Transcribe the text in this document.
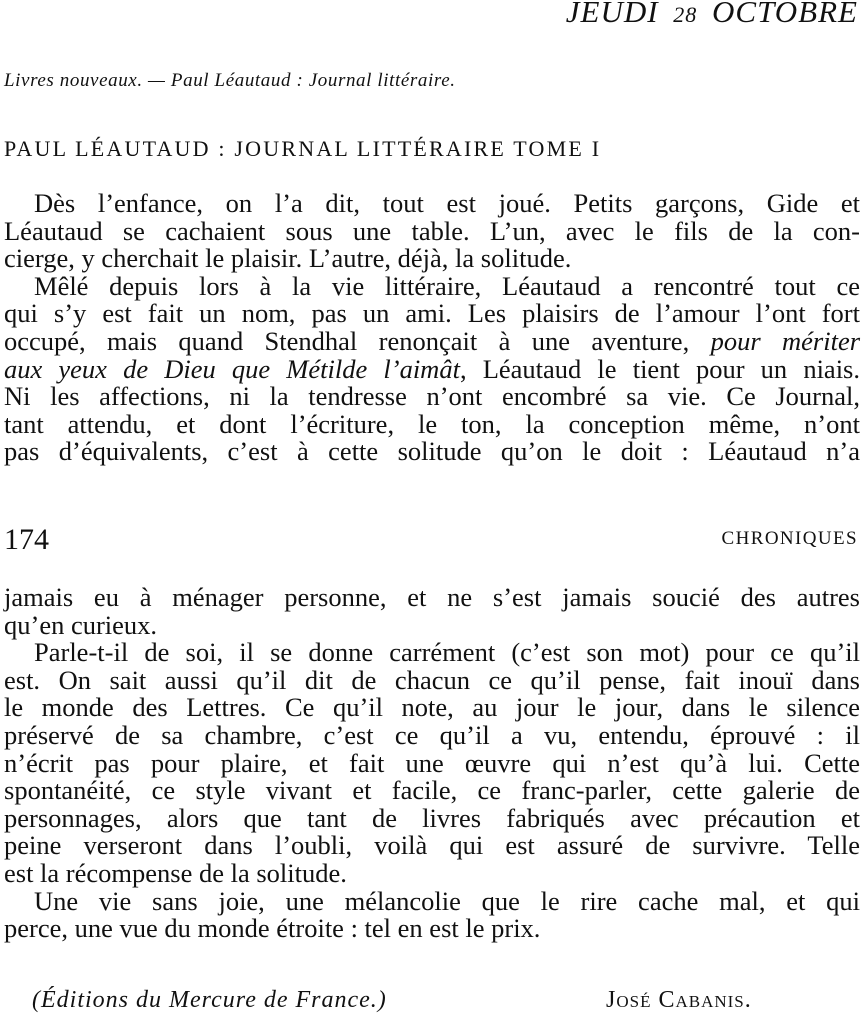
JEUDI 28 OCTOBRE
Livres nouveaux. — Paul Léautaud : Journal littéraire.
PAUL LÉAUTAUD : JOURNAL LITTÉRAIRE TOME I
Dès l’enfance, on l’a dit, tout est joué. Petits garçons, Gide et
Léautaud se cachaient sous une table. L’un, avec le fils de la con-
cierge, y cherchait le plaisir. L’autre, déjà, la solitude.
Mêlé depuis lors à la vie littéraire, Léautaud a rencontré tout ce
qui s’y est fait un nom, pas un ami. Les plaisirs de l’amour l’ont fort
occupé, mais quand Stendhal renonçait à une aventure, pour mériter
aux yeux de Dieu que Métilde l’aimât, Léautaud le tient pour un niais.
Ni les affections, ni la tendresse n’ont encombré sa vie. Ce Journal,
tant attendu, et dont l’écriture, le ton, la conception même, n’ont
pas d’équivalents, c’est à cette solitude qu’on le doit : Léautaud n’a
174	CHRONIQUES
jamais eu à ménager personne, et ne s’est jamais soucié des autres
qu’en curieux.
Parle-t-il de soi, il se donne carrément (c’est son mot) pour ce qu’il
est. On sait aussi qu’il dit de chacun ce qu’il pense, fait inouï dans
le monde des Lettres. Ce qu’il note, au jour le jour, dans le silence
préservé de sa chambre, c’est ce qu’il a vu, entendu, éprouvé : il
n’écrit pas pour plaire, et fait une œuvre qui n’est qu’à lui. Cette
spontanéité, ce style vivant et facile, ce franc-parler, cette galerie de
personnages, alors que tant de livres fabriqués avec précaution et
peine verseront dans l’oubli, voilà qui est assuré de survivre. Telle
est la récompense de la solitude.
Une vie sans joie, une mélancolie que le rire cache mal, et qui
perce, une vue du monde étroite : tel en est le prix.
(Éditions du Mercure de France.)	José Cabanis.
